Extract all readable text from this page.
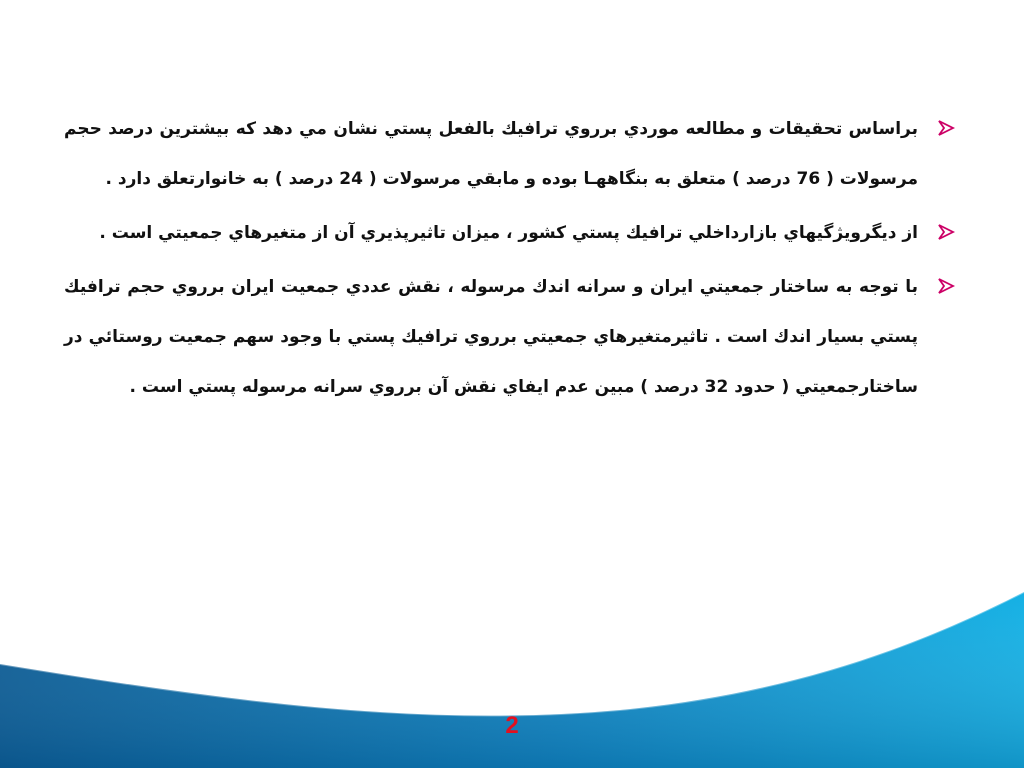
براساس تحقيقات و مطالعه موردي برروي ترافيك بالفعل پستي نشان مي دهد كه بيشترين درصد حجم مرسولات ( 76 درصد ) متعلق به بنگاههـا بوده و مابقي مرسولات ( 24 درصد ) به خانوارتعلق دارد .
از ديگرويژگيهاي بازارداخلي ترافيك پستي كشور ، ميزان تاثيرپذيري آن از متغيرهاي جمعيتي است .
با توجه به ساختار جمعيتي ايران و سرانه اندك مرسوله ، نقش عددي جمعيت ايران برروي حجم ترافيك پستي بسيار اندك است . تاثيرمتغيرهاي جمعيتي برروي ترافيك پستي با وجود سهم جمعيت روستائي در ساختارجمعيتي ( حدود 32 درصد ) مبين عدم ايفاي نقش آن برروي سرانه مرسوله پستي است .
2
